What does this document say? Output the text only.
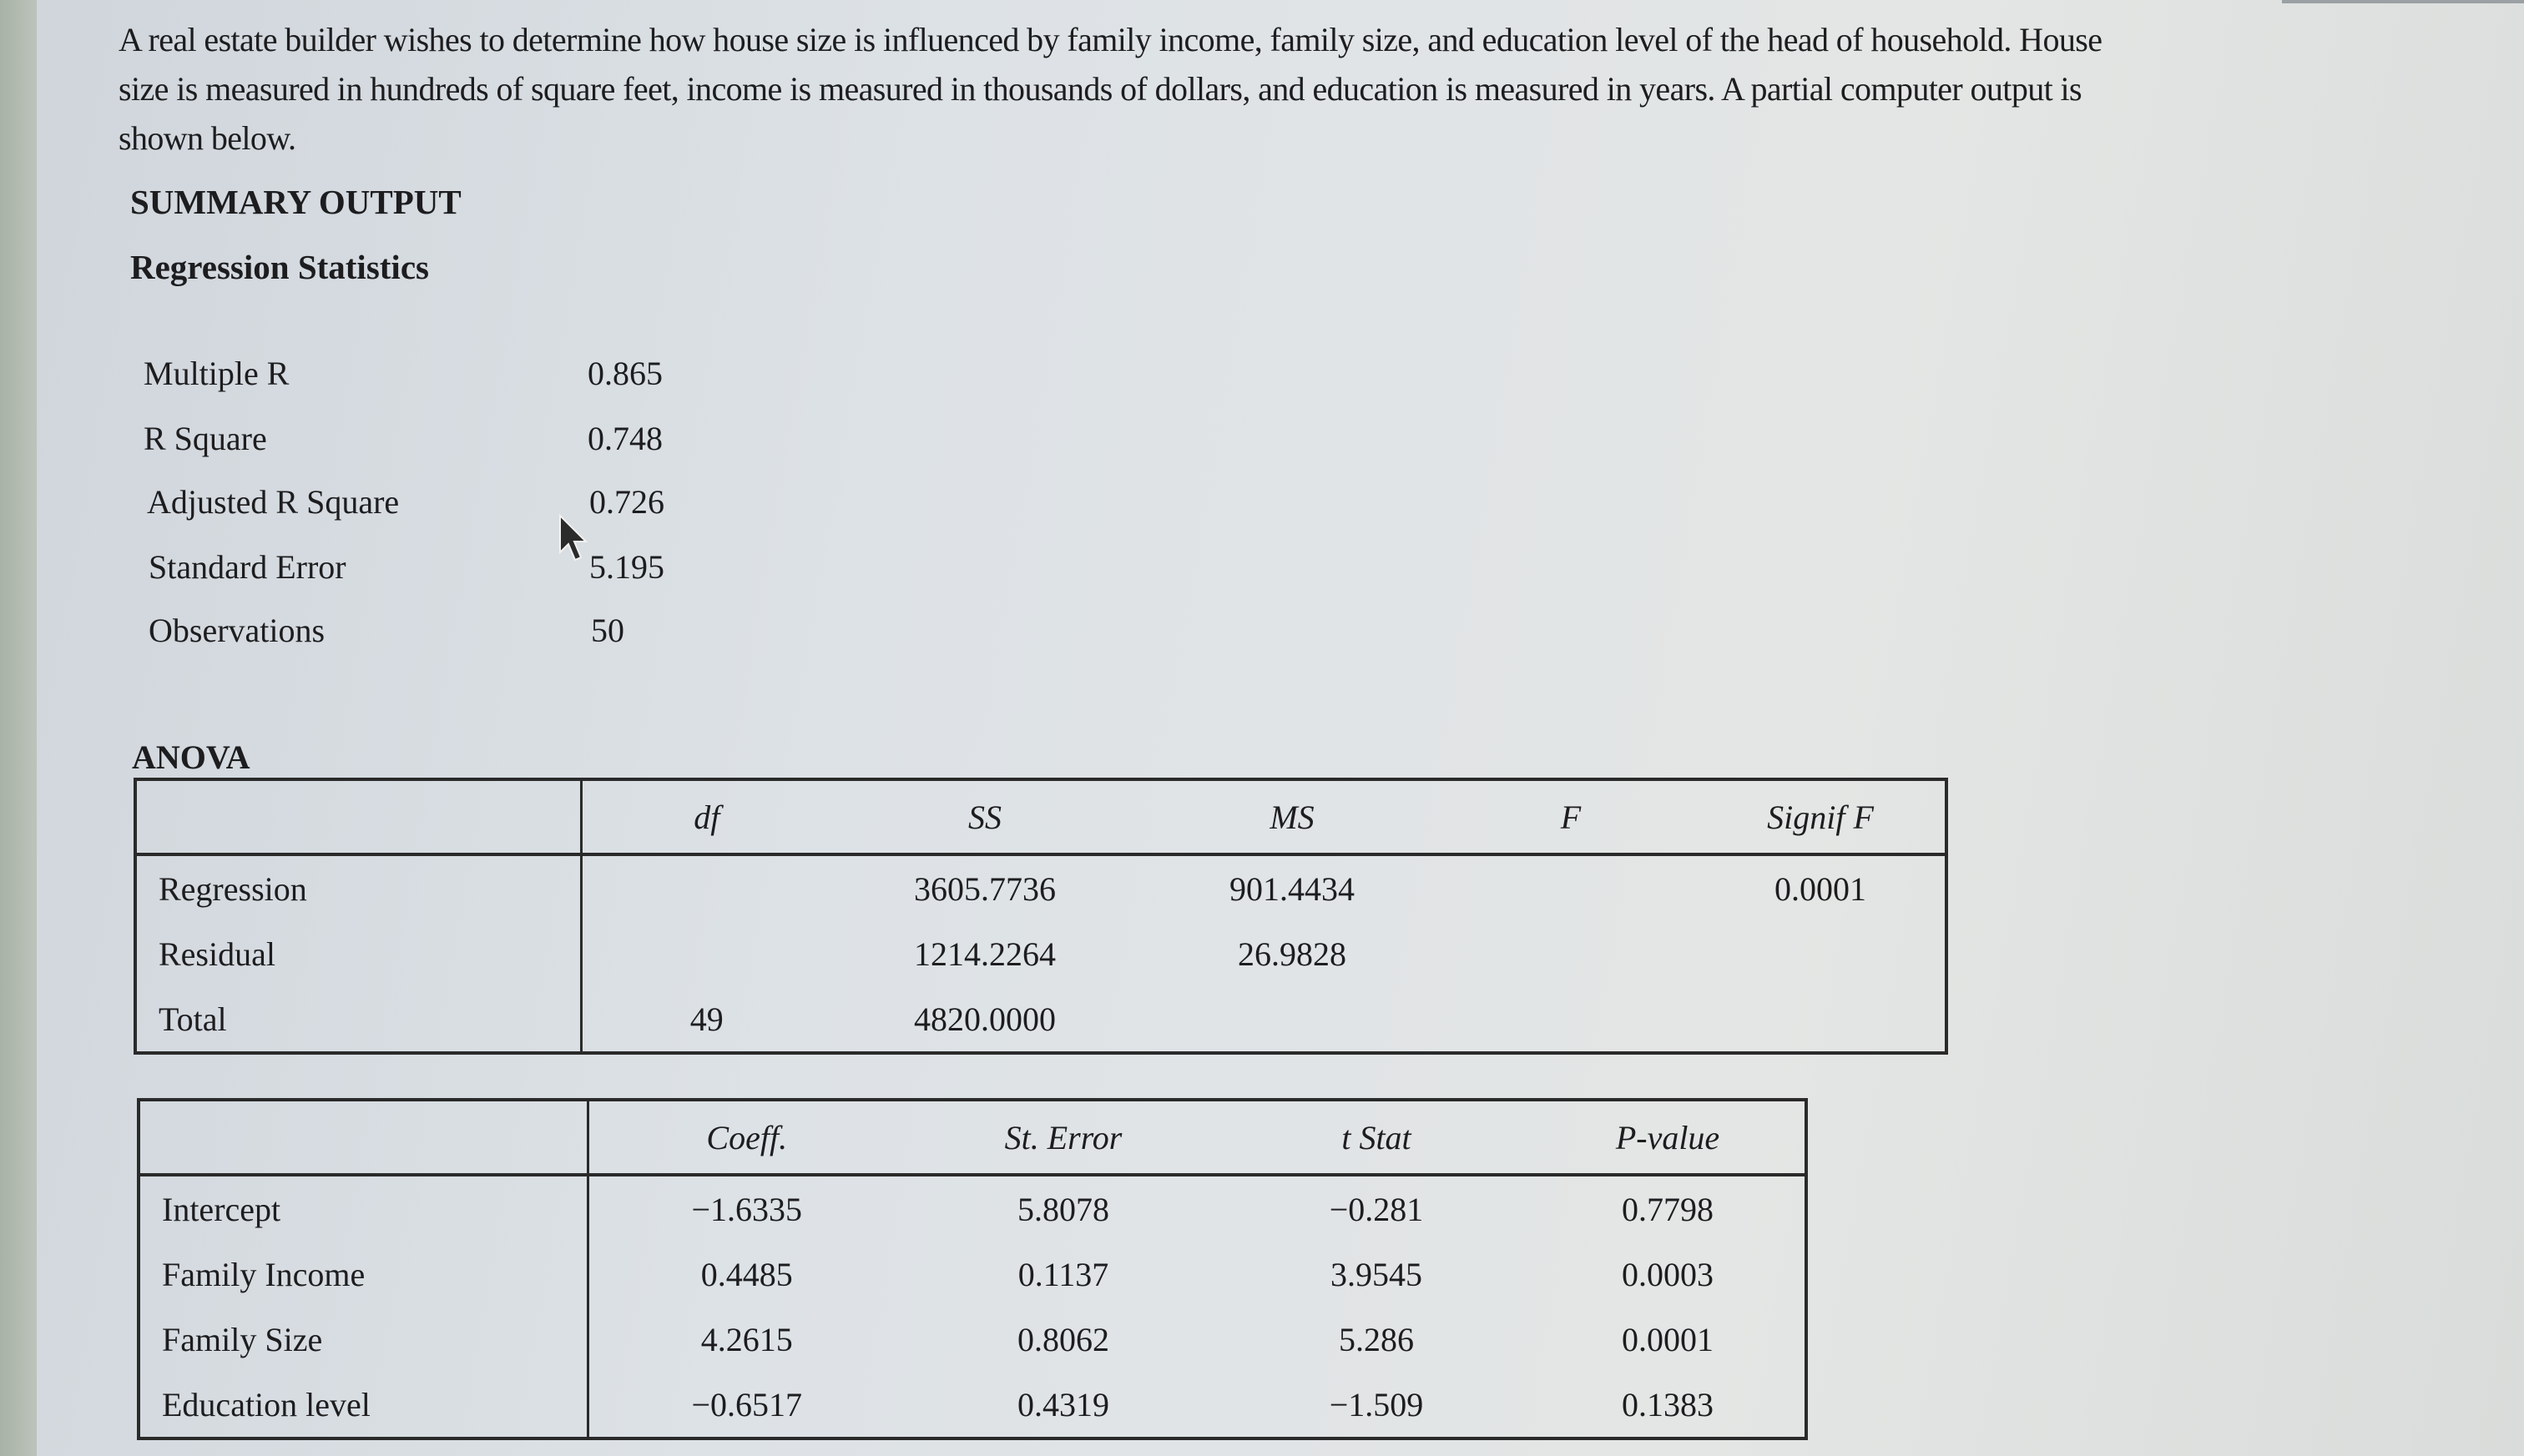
A real estate builder wishes to determine how house size is influenced by family income, family size, and education level of the head of household. House size is measured in hundreds of square feet, income is measured in thousands of dollars, and education is measured in years. A partial computer output is shown below.

SUMMARY OUTPUT
Regression Statistics
Multiple R	0.865
R Square	0.748
Adjusted R Square	0.726
Standard Error	5.195
Observations	50
ANOVA
	df	SS	MS	F	Signif F
Regression		3605.7736	901.4434		0.0001
Residual		1214.2264	26.9828		
Total	49	4820.0000			
	Coeff.	St. Error	t Stat	P-value
Intercept	−1.6335	5.8078	−0.281	0.7798
Family Income	0.4485	0.1137	3.9545	0.0003
Family Size	4.2615	0.8062	5.286	0.0001
Education level	−0.6517	0.4319	−1.509	0.1383
